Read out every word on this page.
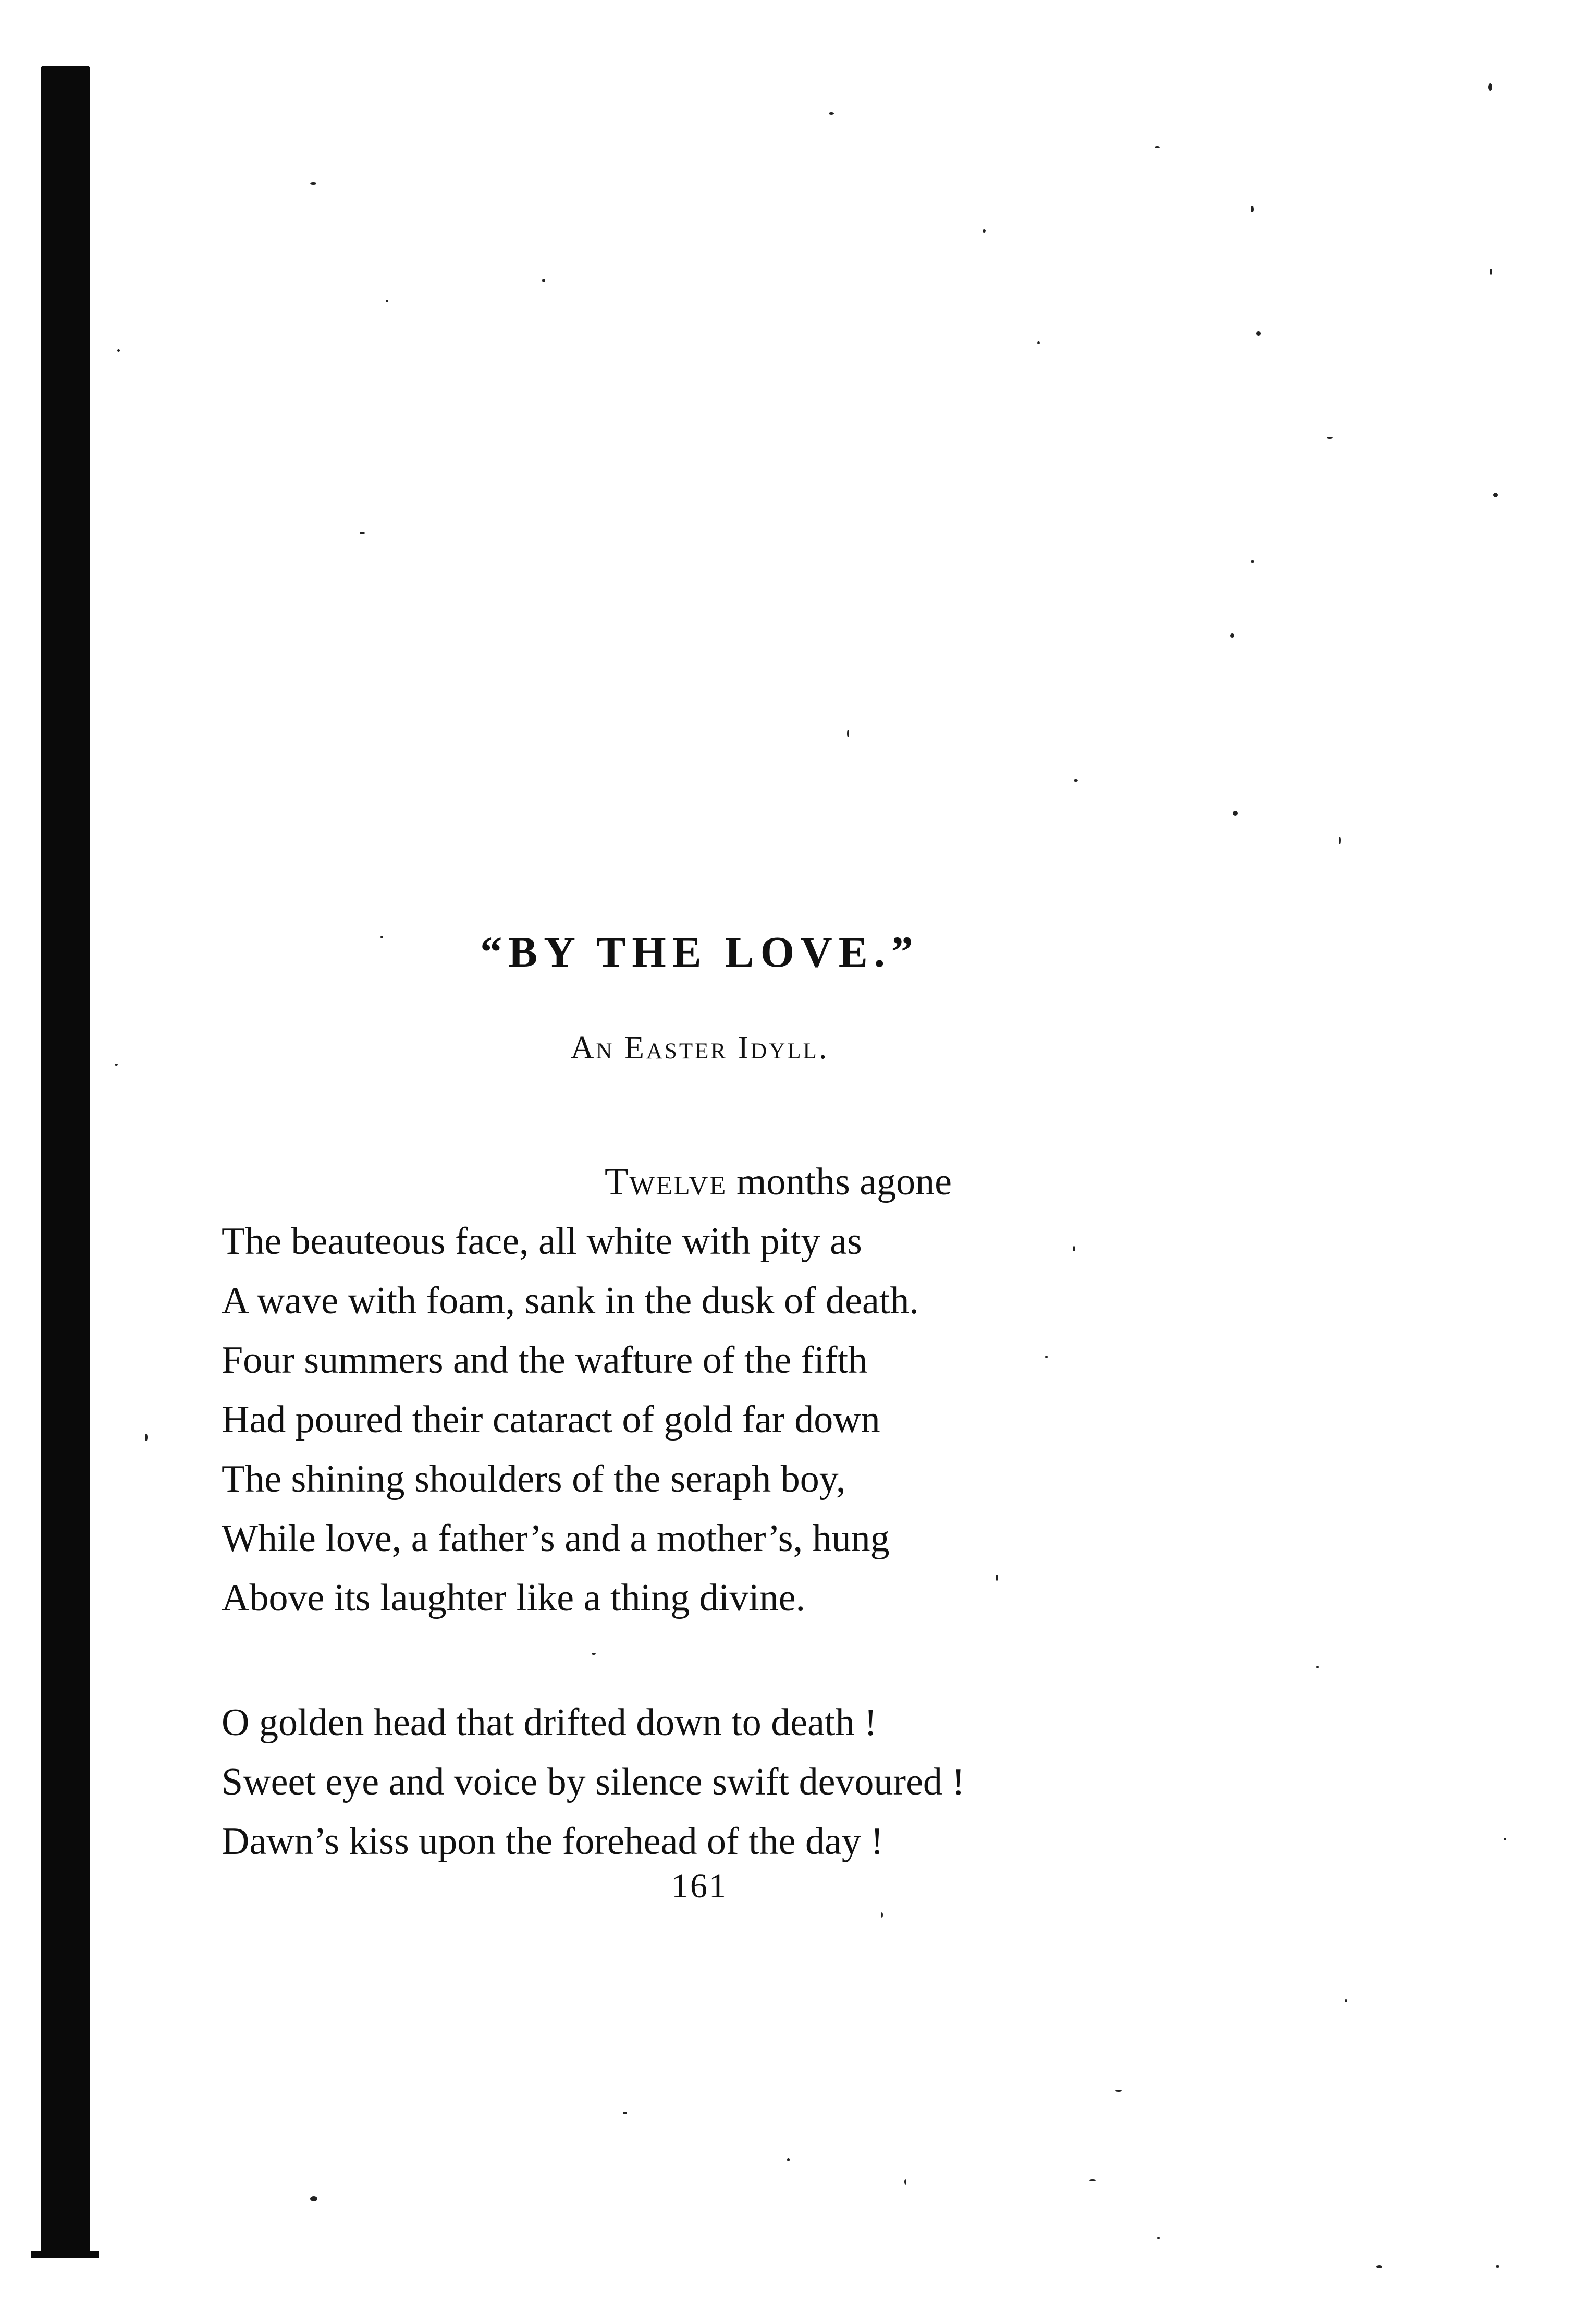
“BY THE LOVE.”
An Easter Idyll.
Twelve months agone
The beauteous face, all white with pity as
A wave with foam, sank in the dusk of death.
Four summers and the wafture of the fifth
Had poured their cataract of gold far down
The shining shoulders of the seraph boy,
While love, a father’s and a mother’s, hung
Above its laughter like a thing divine.
O golden head that drifted down to death !
Sweet eye and voice by silence swift devoured !
Dawn’s kiss upon the forehead of the day !
161
